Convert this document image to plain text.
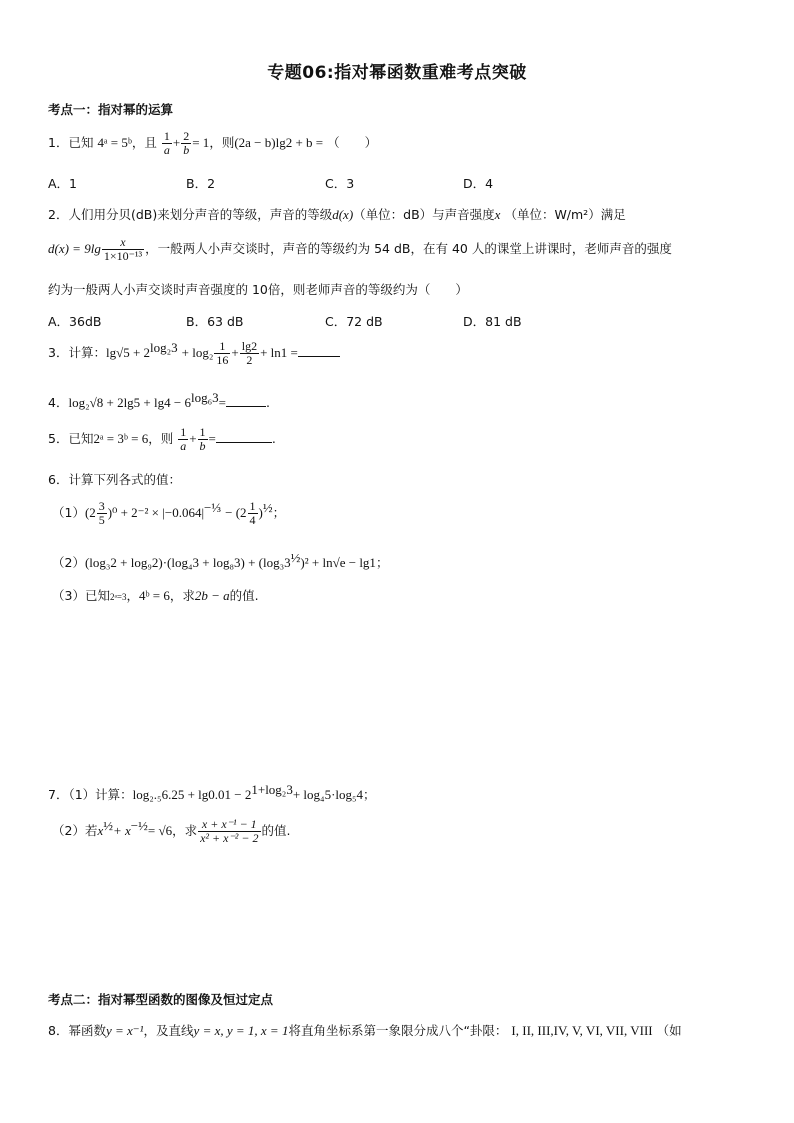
专题06:指对幂函数重难考点突破
考点一：指对幂的运算
1．已知 4ᵃ = 5ᵇ，且 $\frac{1}{a} + \frac{2}{b} = 1$，则(2a − b)lg2 + b = （　　）
A．1	B．2	C．3	D．4
2．人们用分贝(dB)来划分声音的等级，声音的等级d(x)（单位：dB）与声音强度x （单位：W/m²）满足
$d(x) = 9\lg \frac{x}{\text{1×10⁻¹³}}$ ，一般两人小声交谈时，声音的等级约为 54 dB，在有 40 人的课堂上讲课时，老师声音的强度
约为一般两人小声交谈时声音强度的 10倍，则老师声音的等级约为（　　）
A．36dB	B．63 dB	C．72 dB	D．81 dB
3．计算：$\lg√5 + 2^{log_23} + \log_2 \frac{1}{16} + \frac{\lg 2}{2} + \ln 1$ =
4．$\log_2√8 + 2\lg 5 + \lg 4 - 6^{log_63}=$	.
5．已知2ᵃ = 3ᵇ = 6，则 $\frac{1}{a} + \frac{1}{b}$ =	.
6．计算下列各式的值：
$(1)(2 \frac{3}{5} )^0 + 2^{-2} \times |-0.064|^{-\frac{1}{3}} - (2 \frac{1}{4} )^{\frac{1}{2}}$；
$(2)(\log_32 + \log_92)\cdot(\log_43 + \log_83) + (\log_33^{\frac{1}{2}})^2 + \ln√e - \lg 1$；
（3）已知2ᵃ=3，4ᵇ = 6，求2b − a的值.
7．（1）计算：$\log_2._56.25 + \lg 0.01 - 2^{1+log_23}+ \log_45\cdot\log_54$；
（2）若$x^{\frac{1}{2}}+ x^{-\frac{1}{2}}= √6$，求 $\frac{\text{x + x⁻¹ − 1}}{\text{x² + x⁻² − 2}}$ 的值.
考点二：指对幂型函数的图像及恒过定点
8．幂函数y = x⁻¹，及直线y = x, y = 1, x = 1将直角坐标系第一象限分成八个“卦限： I, II, III,IV, V, VI, VII, VIII （如
